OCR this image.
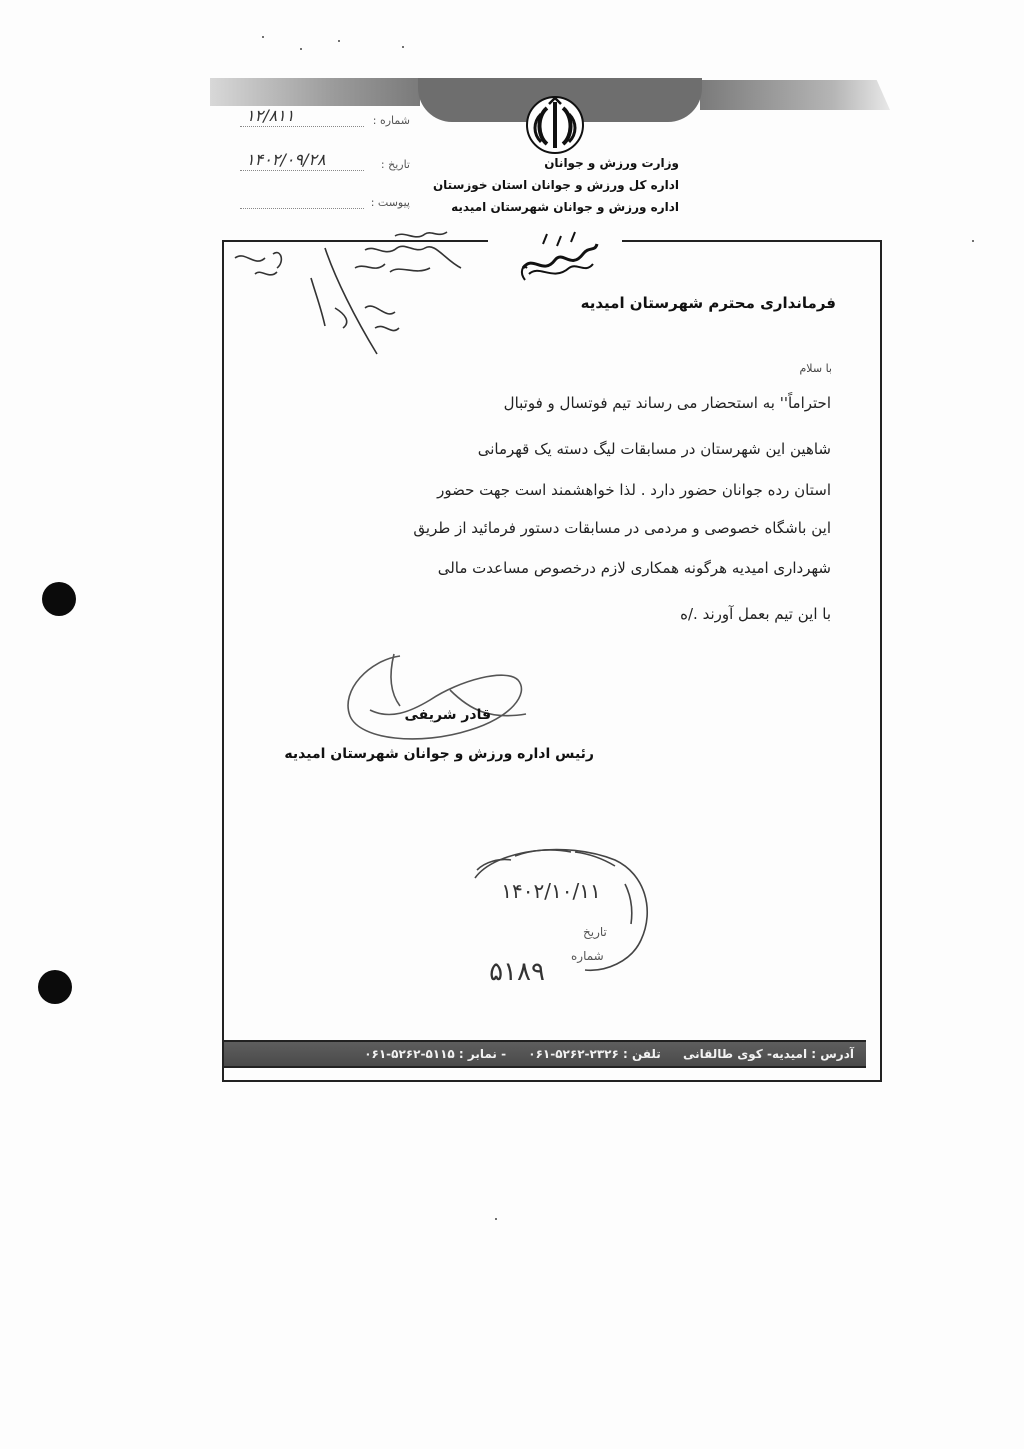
وزارت ورزش و جوانان
اداره کل ورزش و جوانان استان خوزستان
اداره ورزش و جوانان شهرستان امیدیه
شماره :
۱۲/۸۱۱
تاریخ :
۱۴۰۲/۰۹/۲۸
پیوست :
فرمانداری محترم شهرستان امیدیه
با سلام
احتراماً'' به استحضار می رساند تیم فوتسال و فوتبال
شاهین این شهرستان در مسابقات لیگ دسته یک قهرمانی
استان رده جوانان حضور دارد . لذا خواهشمند است جهت حضور
این باشگاه خصوصی و مردمی در مسابقات دستور فرمائید از طریق
شهرداری امیدیه هرگونه همکاری لازم درخصوص مساعدت مالی
با این تیم بعمل آورند ./ه
قادر شریفی
رئیس اداره ورزش و جوانان شهرستان امیدیه
۱۴۰۲/۱۰/۱۱
تاریخ
شماره
۵۱۸۹
آدرس : امیدیه- کوی طالقانی تلفن : ۲۳۲۶-۵۲۶۲-۰۶۱ - نمابر : ۵۱۱۵-۵۲۶۲-۰۶۱
